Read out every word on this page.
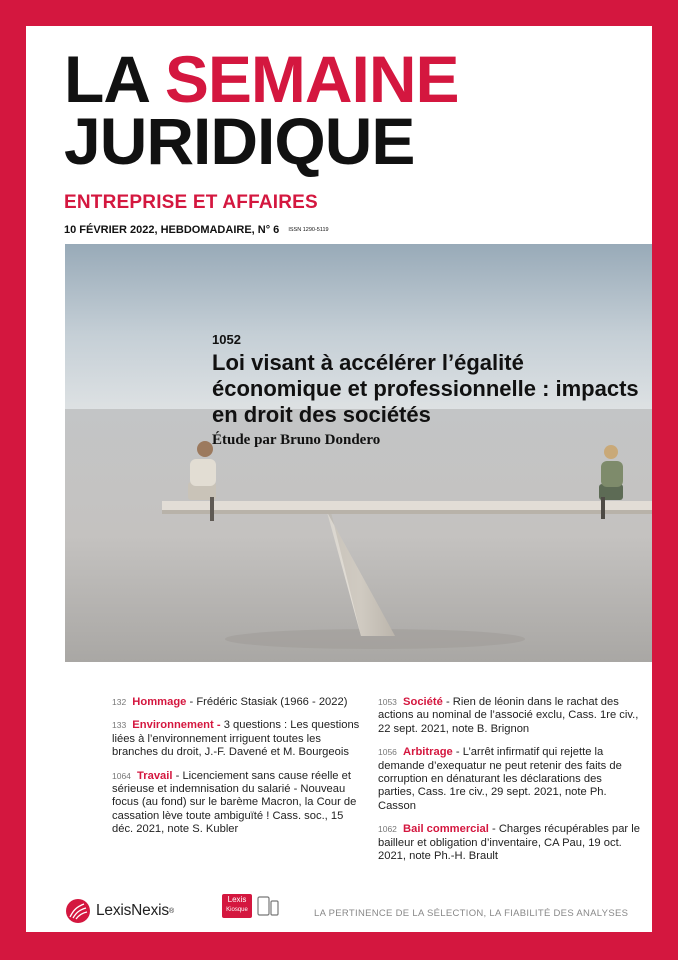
LA SEMAINE
JURIDIQUE
ENTREPRISE ET AFFAIRES
10 FÉVRIER 2022, HEBDOMADAIRE, N° 6 ISSN 1290-5119
1052
Loi visant à accélérer l’égalité économique et professionnelle : impacts en droit des sociétés
Étude par Bruno Dondero
132 Hommage - Frédéric Stasiak (1966 - 2022)
133 Environnement - 3 questions : Les questions liées à l’environnement irriguent toutes les branches du droit, J.-F. Davené et M. Bourgeois
1064 Travail - Licenciement sans cause réelle et sérieuse et indemnisation du salarié - Nouveau focus (au fond) sur le barème Macron, la Cour de cassation lève toute ambiguïté ! Cass. soc., 15 déc. 2021, note S. Kubler
1053 Société - Rien de léonin dans le rachat des actions au nominal de l’associé exclu, Cass. 1re civ., 22 sept. 2021, note B. Brignon
1056 Arbitrage - L’arrêt infirmatif qui rejette la demande d’exequatur ne peut retenir des faits de corruption en dénaturant les déclarations des parties, Cass. 1re civ., 29 sept. 2021, note Ph. Casson
1062 Bail commercial - Charges récupérables par le bailleur et obligation d’inventaire, CA Pau, 19 oct. 2021, note Ph.-H. Brault
LexisNexis ®
Lexis
Kiosque	LA PERTINENCE DE LA SÉLECTION, LA FIABILITÉ DES ANALYSES
